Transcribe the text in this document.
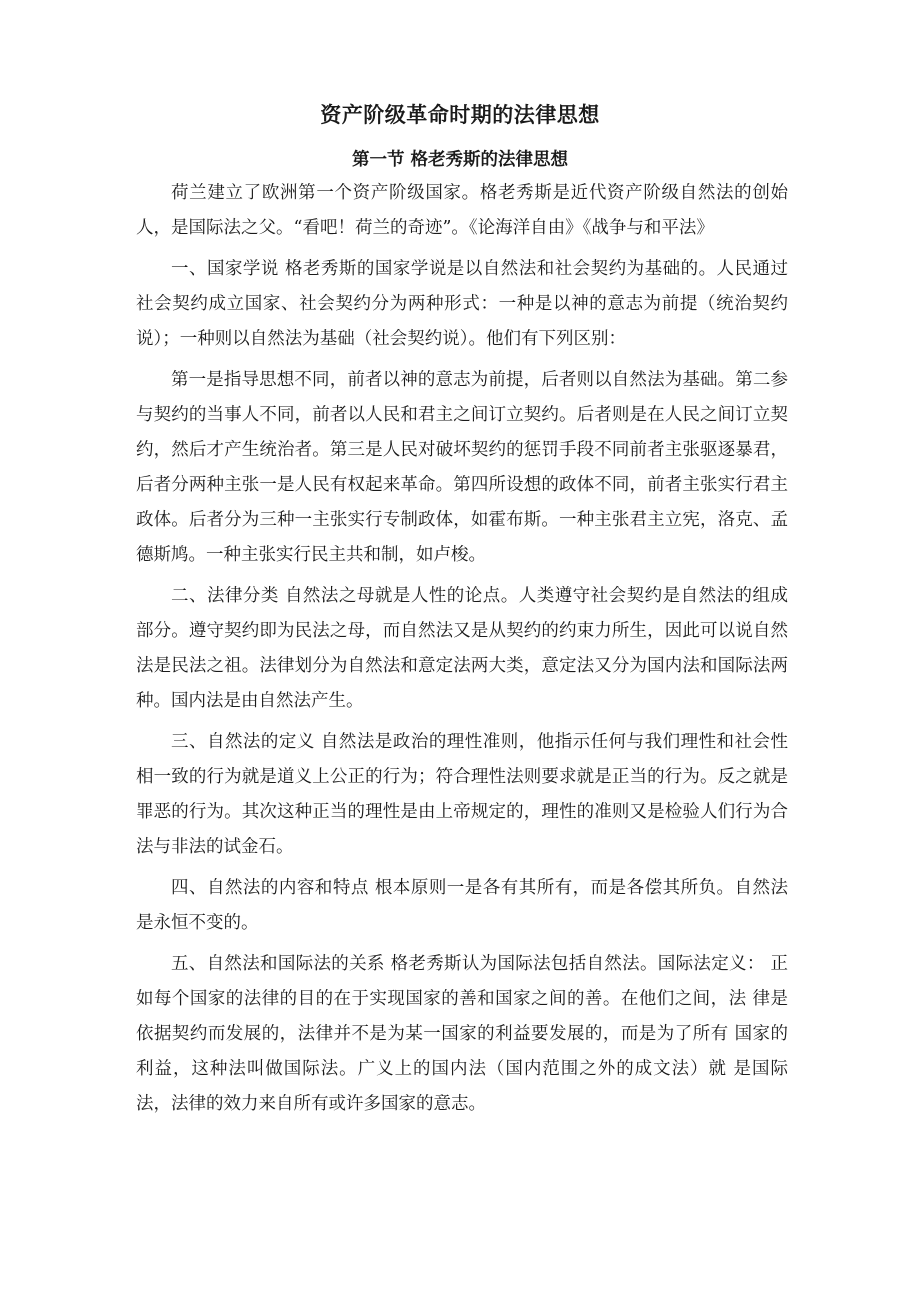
资产阶级革命时期的法律思想
第一节 格老秀斯的法律思想

荷兰建立了欧洲第一个资产阶级国家。格老秀斯是近代资产阶级自然法的创始人，是国际法之父。“看吧！荷兰的奇迹”。《论海洋自由》《战争与和平法》

一、国家学说 格老秀斯的国家学说是以自然法和社会契约为基础的。人民通过社会契约成立国家、社会契约分为两种形式：一种是以神的意志为前提（统治契约说）；一种则以自然法为基础（社会契约说）。他们有下列区别：

第一是指导思想不同，前者以神的意志为前提，后者则以自然法为基础。第二参与契约的当事人不同，前者以人民和君主之间订立契约。后者则是在人民之间订立契约，然后才产生统治者。第三是人民对破坏契约的惩罚手段不同前者主张驱逐暴君，后者分两种主张一是人民有权起来革命。第四所设想的政体不同，前者主张实行君主政体。后者分为三种一主张实行专制政体，如霍布斯。一种主张君主立宪，洛克、孟德斯鸠。一种主张实行民主共和制，如卢梭。

二、法律分类 自然法之母就是人性的论点。人类遵守社会契约是自然法的组成部分。遵守契约即为民法之母，而自然法又是从契约的约束力所生，因此可以说自然法是民法之祖。法律划分为自然法和意定法两大类，意定法又分为国内法和国际法两种。国内法是由自然法产生。

三、自然法的定义 自然法是政治的理性准则，他指示任何与我们理性和社会性相一致的行为就是道义上公正的行为；符合理性法则要求就是正当的行为。反之就是罪恶的行为。其次这种正当的理性是由上帝规定的，理性的准则又是检验人们行为合法与非法的试金石。

四、自然法的内容和特点 根本原则一是各有其所有，而是各偿其所负。自然法是永恒不变的。

五、自然法和国际法的关系 格老秀斯认为国际法包括自然法。国际法定义： 正如每个国家的法律的目的在于实现国家的善和国家之间的善。在他们之间，法 律是依据契约而发展的，法律并不是为某一国家的利益要发展的，而是为了所有 国家的利益，这种法叫做国际法。广义上的国内法（国内范围之外的成文法）就 是国际法，法律的效力来自所有或许多国家的意志。
